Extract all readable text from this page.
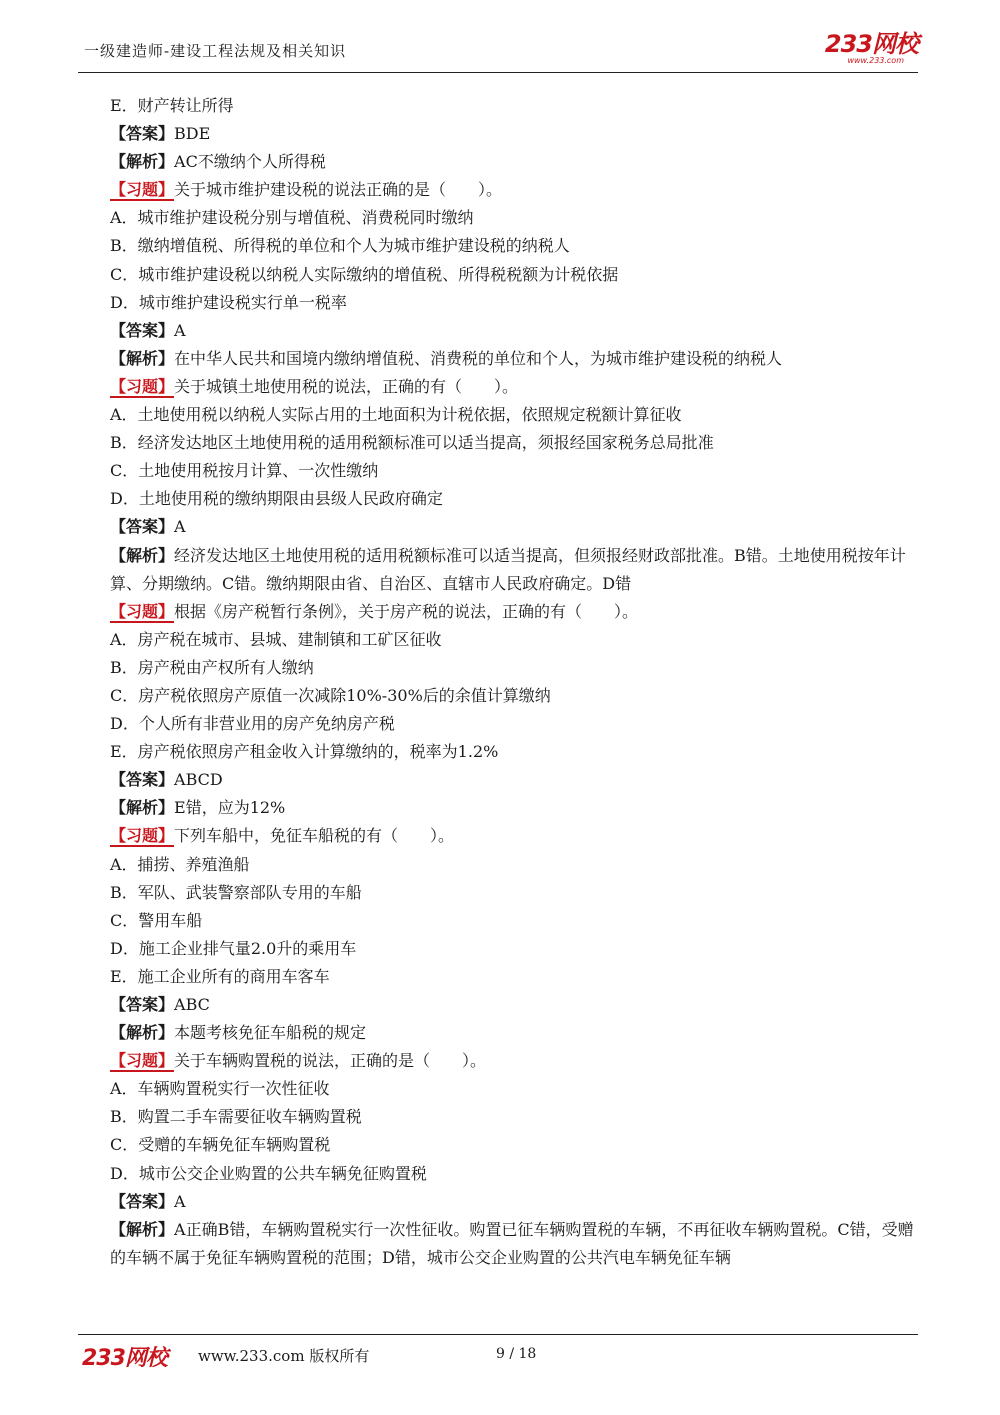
一级建造师-建设工程法规及相关知识	233网校
www.233.com
E．财产转让所得
【答案】BDE
【解析】AC不缴纳个人所得税
【习题】关于城市维护建设税的说法正确的是（　　）。
A．城市维护建设税分别与增值税、消费税同时缴纳
B．缴纳增值税、所得税的单位和个人为城市维护建设税的纳税人
C．城市维护建设税以纳税人实际缴纳的增值税、所得税税额为计税依据
D．城市维护建设税实行单一税率
【答案】A
【解析】在中华人民共和国境内缴纳增值税、消费税的单位和个人，为城市维护建设税的纳税人
【习题】关于城镇土地使用税的说法，正确的有（　　）。
A．土地使用税以纳税人实际占用的土地面积为计税依据，依照规定税额计算征收
B．经济发达地区土地使用税的适用税额标准可以适当提高，须报经国家税务总局批准
C．土地使用税按月计算、一次性缴纳
D．土地使用税的缴纳期限由县级人民政府确定
【答案】A
【解析】经济发达地区土地使用税的适用税额标准可以适当提高，但须报经财政部批准。B错。土地使用税按年计算、分期缴纳。C错。缴纳期限由省、自治区、直辖市人民政府确定。D错
【习题】根据《房产税暂行条例》，关于房产税的说法，正确的有（　　）。
A．房产税在城市、县城、建制镇和工矿区征收
B．房产税由产权所有人缴纳
C．房产税依照房产原值一次减除10%-30%后的余值计算缴纳
D．个人所有非营业用的房产免纳房产税
E．房产税依照房产租金收入计算缴纳的，税率为1.2%
【答案】ABCD
【解析】E错，应为12%
【习题】下列车船中，免征车船税的有（　　）。
A．捕捞、养殖渔船
B．军队、武装警察部队专用的车船
C．警用车船
D．施工企业排气量2.0升的乘用车
E．施工企业所有的商用车客车
【答案】ABC
【解析】本题考核免征车船税的规定
【习题】关于车辆购置税的说法，正确的是（　　）。
A．车辆购置税实行一次性征收
B．购置二手车需要征收车辆购置税
C．受赠的车辆免征车辆购置税
D．城市公交企业购置的公共车辆免征购置税
【答案】A
【解析】A正确B错，车辆购置税实行一次性征收。购置已征车辆购置税的车辆，不再征收车辆购置税。C错，受赠的车辆不属于免征车辆购置税的范围；D错，城市公交企业购置的公共汽电车辆免征车辆
233网校 www.233.com 版权所有	9 / 18
